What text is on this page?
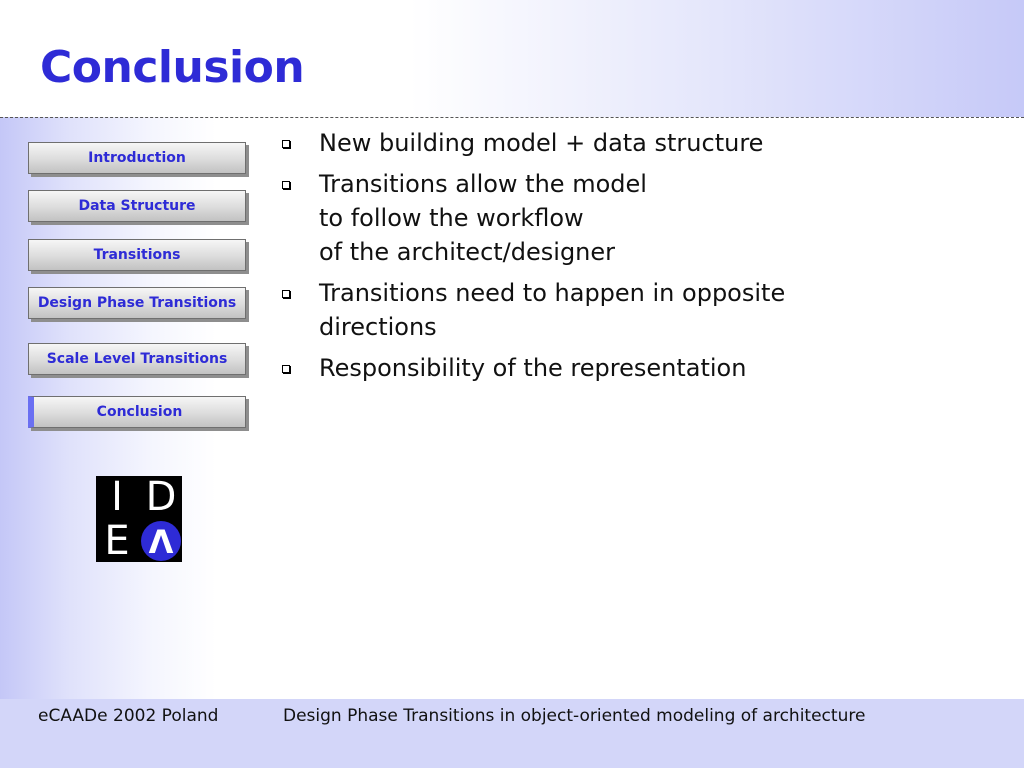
Conclusion
Introduction
Data Structure
Transitions
Design Phase Transitions
Scale Level Transitions
Conclusion
I D
E Λ
New building model + data structure
Transitions allow the model
to follow the workflow
of the architect/designer
Transitions need to happen in opposite
directions
Responsibility of the representation
eCAADe 2002 Poland	Design Phase Transitions in object-oriented modeling of architecture
